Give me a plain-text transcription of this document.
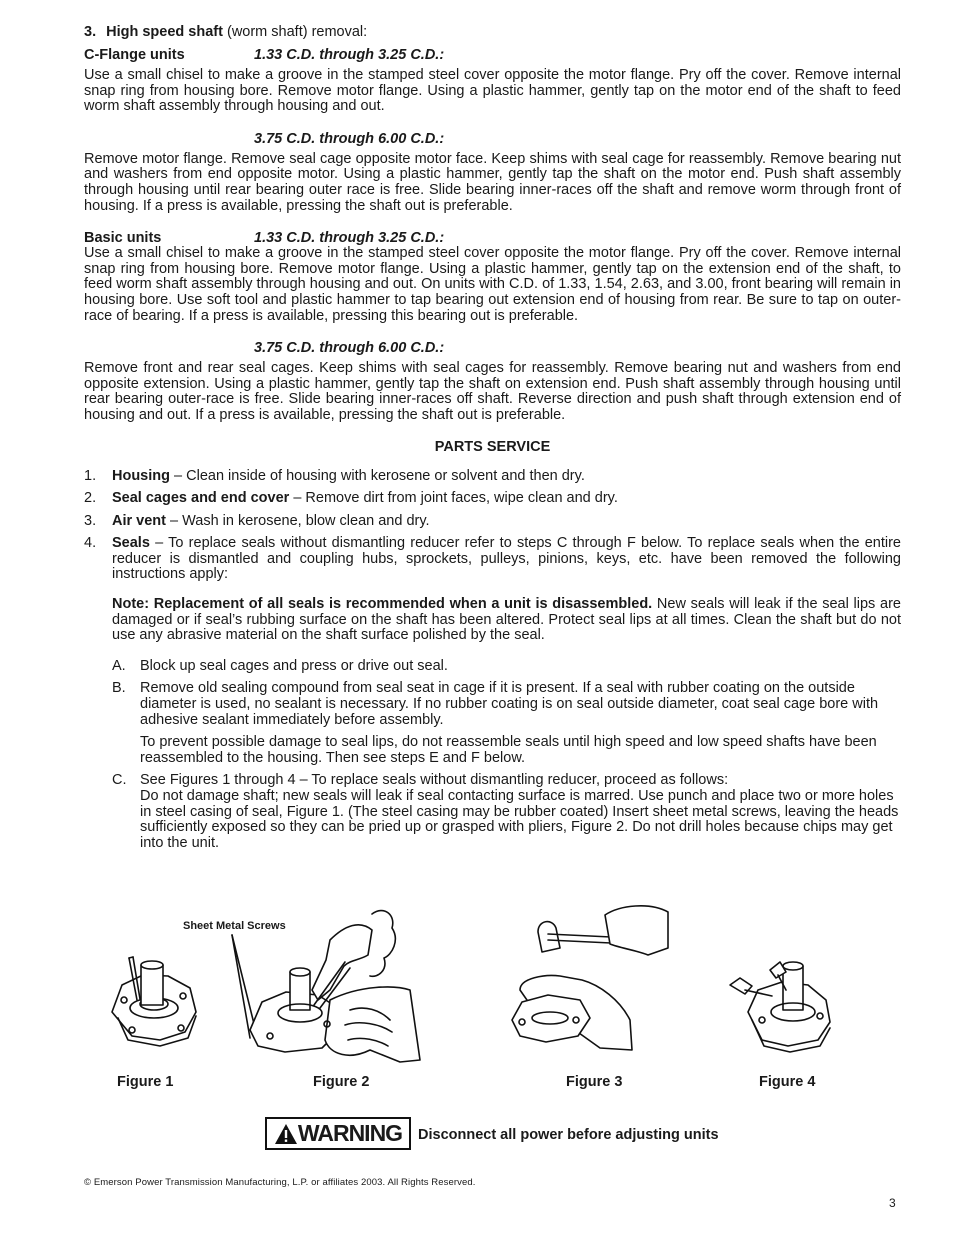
3. High speed shaft (worm shaft) removal:
C-Flange units	1.33 C.D. through 3.25 C.D.:

Use a small chisel to make a groove in the stamped steel cover opposite the motor flange. Pry off the cover. Remove internal snap ring from housing bore. Remove motor flange. Using a plastic hammer, gently tap on the motor end of the shaft to feed worm shaft assembly through housing and out.

3.75 C.D. through 6.00 C.D.:

Remove motor flange. Remove seal cage opposite motor face. Keep shims with seal cage for reassembly. Remove bearing nut and washers from end opposite motor. Using a plastic hammer, gently tap the shaft on the motor end. Push shaft assembly through housing until rear bearing outer race is free. Slide bearing inner-races off the shaft and remove worm through front of housing. If a press is available, pressing the shaft out is preferable.

Basic units	1.33 C.D. through 3.25 C.D.:

Use a small chisel to make a groove in the stamped steel cover opposite the motor flange. Pry off the cover. Remove internal snap ring from housing bore. Remove motor flange. Using a plastic hammer, gently tap on the extension end of the shaft, to feed worm shaft assembly through housing and out. On units with C.D. of 1.33, 1.54, 2.63, and 3.00, front bearing will remain in housing bore. Use soft tool and plastic hammer to tap bearing out extension end of housing from rear. Be sure to tap on outer-race of bearing. If a press is available, pressing this bearing out is preferable.

3.75 C.D. through 6.00 C.D.:

Remove front and rear seal cages. Keep shims with seal cages for reassembly. Remove bearing nut and washers from end opposite extension. Using a plastic hammer, gently tap the shaft on extension end. Push shaft assembly through housing until rear bearing outer-race is free. Slide bearing inner-races off shaft. Reverse direction and push shaft through extension end of housing and out. If a press is available, pressing the shaft out is preferable.

PARTS SERVICE
1.	Housing – Clean inside of housing with kerosene or solvent and then dry.
2.	Seal cages and end cover – Remove dirt from joint faces, wipe clean and dry.
3.	Air vent – Wash in kerosene, blow clean and dry.
4.	Seals – To replace seals without dismantling reducer refer to steps C through F below. To replace seals when the entire reducer is dismantled and coupling hubs, sprockets, pulleys, pinions, keys, etc. have been removed the following instructions apply:

Note: Replacement of all seals is recommended when a unit is disassembled. New seals will leak if the seal lips are damaged or if seal’s rubbing surface on the shaft has been altered. Protect seal lips at all times. Clean the shaft but do not use any abrasive material on the shaft surface polished by the seal.

A. Block up seal cages and press or drive out seal.
B. Remove old sealing compound from seal seat in cage if it is present. If a seal with rubber coating on the outside diameter is used, no sealant is necessary. If no rubber coating is on seal outside diameter, coat seal cage bore with adhesive sealant immediately before assembly.
To prevent possible damage to seal lips, do not reassemble seals until high speed and low speed shafts have been reassembled to the housing. Then see steps E and F below.
C. See Figures 1 through 4 – To replace seals without dismantling reducer, proceed as follows:
Do not damage shaft; new seals will leak if seal contacting surface is marred. Use punch and place two or more holes in steel casing of seal, Figure 1. (The steel casing may be rubber coated) Insert sheet metal screws, leaving the heads sufficiently exposed so they can be pried up or grasped with pliers, Figure 2. Do not drill holes because chips may get into the unit.
Sheet Metal Screws
Figure 1	Figure 2	Figure 3	Figure 4
WARNING Disconnect all power before adjusting units
© Emerson Power Transmission Manufacturing, L.P. or affiliates 2003. All Rights Reserved.
3
